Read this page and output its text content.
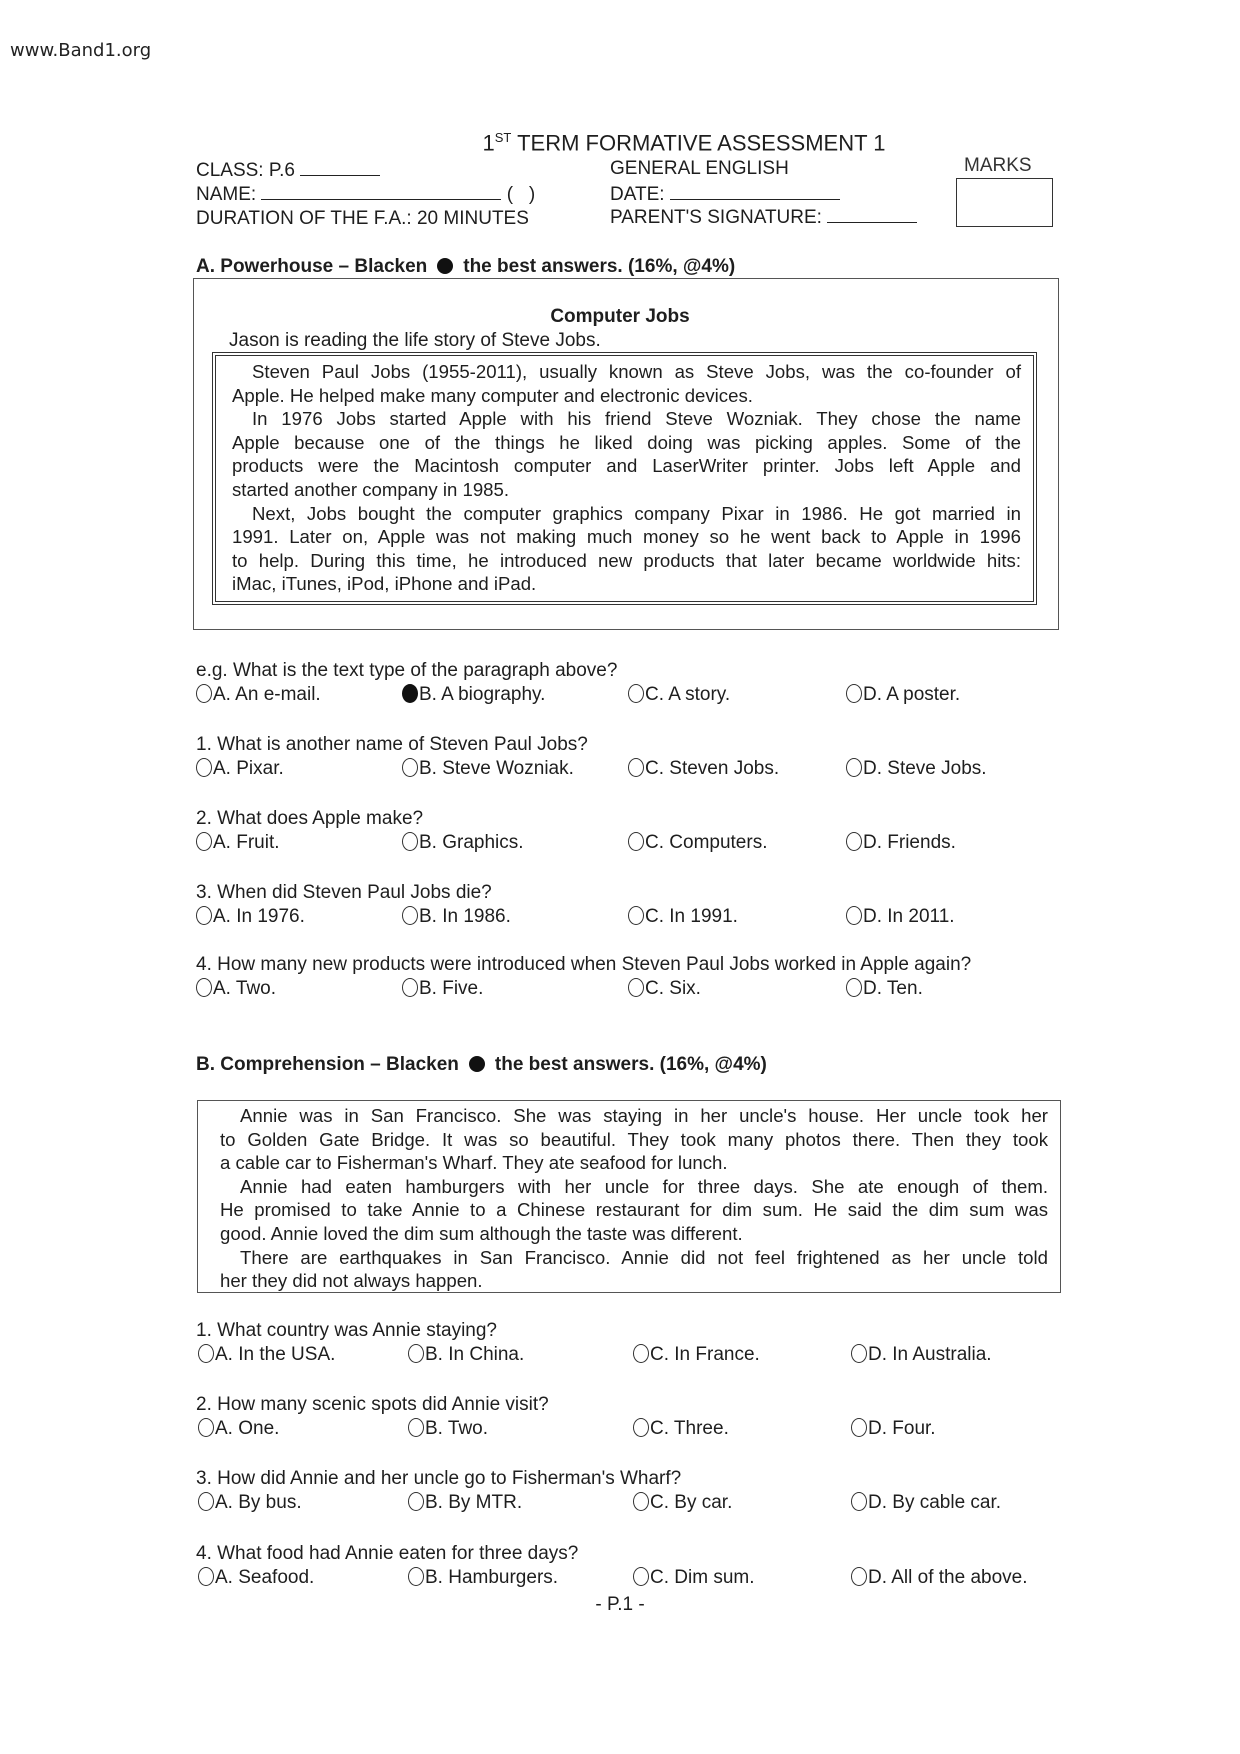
www.Band1.org
1ST TERM FORMATIVE ASSESSMENT 1
CLASS: P.6
NAME:	(   )
DURATION OF THE F.A.: 20 MINUTES
GENERAL ENGLISH
DATE:
PARENT'S SIGNATURE:
MARKS
A. Powerhouse – Blacken the best answers. (16%, @4%)
Computer Jobs
Jason is reading the life story of Steve Jobs.
Steven Paul Jobs (1955-2011), usually known as Steve Jobs, was the co-founder of
Apple. He helped make many computer and electronic devices.
In 1976 Jobs started Apple with his friend Steve Wozniak. They chose the name
Apple because one of the things he liked doing was picking apples. Some of the
products were the Macintosh computer and LaserWriter printer. Jobs left Apple and
started another company in 1985.
Next, Jobs bought the computer graphics company Pixar in 1986. He got married in
1991. Later on, Apple was not making much money so he went back to Apple in 1996
to help. During this time, he introduced new products that later became worldwide hits:
iMac, iTunes, iPod, iPhone and iPad.
e.g. What is the text type of the paragraph above?
A. An e-mail.	B. A biography.	C. A story.	D. A poster.
1. What is another name of Steven Paul Jobs?
A. Pixar.	B. Steve Wozniak.	C. Steven Jobs.	D. Steve Jobs.
2. What does Apple make?
A. Fruit.	B. Graphics.	C. Computers.	D. Friends.
3. When did Steven Paul Jobs die?
A. In 1976.	B. In 1986.	C. In 1991.	D. In 2011.
4. How many new products were introduced when Steven Paul Jobs worked in Apple again?
A. Two.	B. Five.	C. Six.	D. Ten.
B. Comprehension – Blacken the best answers. (16%, @4%)
Annie was in San Francisco. She was staying in her uncle's house. Her uncle took her
to Golden Gate Bridge. It was so beautiful. They took many photos there. Then they took
a cable car to Fisherman's Wharf. They ate seafood for lunch.
Annie had eaten hamburgers with her uncle for three days. She ate enough of them.
He promised to take Annie to a Chinese restaurant for dim sum. He said the dim sum was
good. Annie loved the dim sum although the taste was different.
There are earthquakes in San Francisco. Annie did not feel frightened as her uncle told
her they did not always happen.
1. What country was Annie staying?
A. In the USA.	B. In China.	C. In France.	D. In Australia.
2. How many scenic spots did Annie visit?
A. One.	B. Two.	C. Three.	D. Four.
3. How did Annie and her uncle go to Fisherman's Wharf?
A. By bus.	B. By MTR.	C. By car.	D. By cable car.
4. What food had Annie eaten for three days?
A. Seafood.	B. Hamburgers.	C. Dim sum.	D. All of the above.
- P.1 -
